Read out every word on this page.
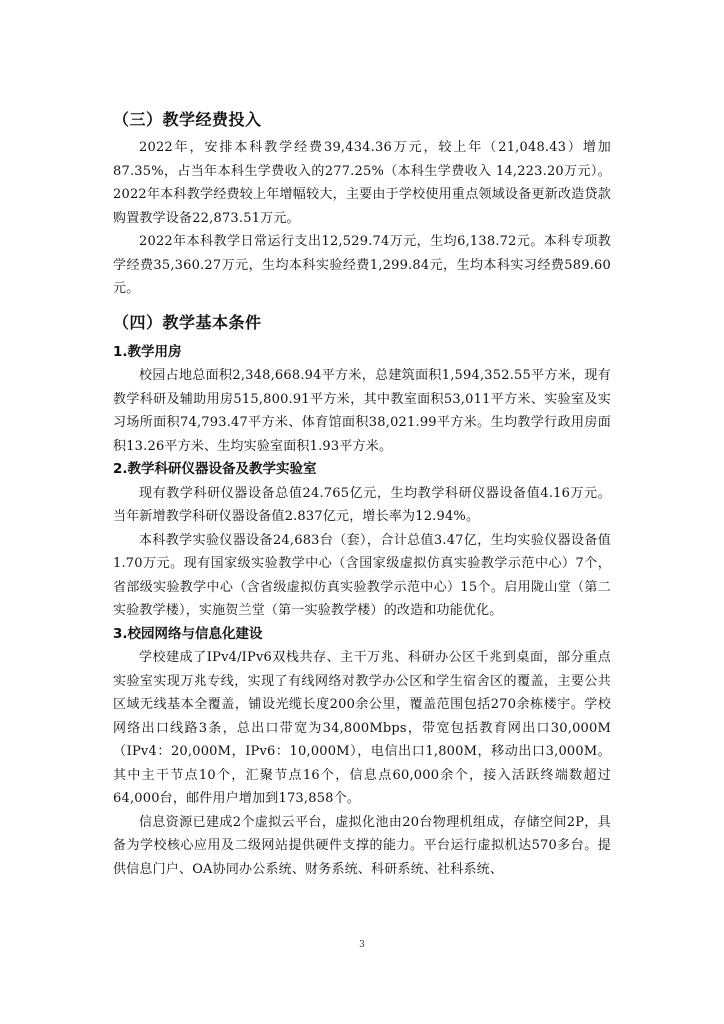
（三）教学经费投入

2022年，安排本科教学经费39,434.36万元，较上年（21,048.43）增加87.35%，占当年本科生学费收入的277.25%（本科生学费收入 14,223.20万元）。2022年本科教学经费较上年增幅较大，主要由于学校使用重点领域设备更新改造贷款购置教学设备22,873.51万元。

2022年本科教学日常运行支出12,529.74万元，生均6,138.72元。本科专项教学经费35,360.27万元，生均本科实验经费1,299.84元，生均本科实习经费589.60元。

（四）教学基本条件
1.教学用房

校园占地总面积2,348,668.94平方米，总建筑面积1,594,352.55平方米，现有教学科研及辅助用房515,800.91平方米，其中教室面积53,011平方米、实验室及实习场所面积74,793.47平方米、体育馆面积38,021.99平方米。生均教学行政用房面积13.26平方米、生均实验室面积1.93平方米。

2.教学科研仪器设备及教学实验室

现有教学科研仪器设备总值24.765亿元，生均教学科研仪器设备值4.16万元。当年新增教学科研仪器设备值2.837亿元，增长率为12.94%。

本科教学实验仪器设备24,683台（套），合计总值3.47亿，生均实验仪器设备值1.70万元。现有国家级实验教学中心（含国家级虚拟仿真实验教学示范中心）7个，省部级实验教学中心（含省级虚拟仿真实验教学示范中心）15个。启用陇山堂（第二实验教学楼），实施贺兰堂（第一实验教学楼）的改造和功能优化。

3.校园网络与信息化建设

学校建成了IPv4/IPv6双栈共存、主干万兆、科研办公区千兆到桌面，部分重点实验室实现万兆专线，实现了有线网络对教学办公区和学生宿舍区的覆盖，主要公共区域无线基本全覆盖，铺设光缆长度200余公里，覆盖范围包括270余栋楼宇。学校网络出口线路3条，总出口带宽为34,800Mbps，带宽包括教育网出口30,000M（IPv4：20,000M，IPv6：10,000M），电信出口1,800M，移动出口3,000M。其中主干节点10个，汇聚节点16个，信息点60,000余个，接入活跃终端数超过64,000台，邮件用户增加到173,858个。

信息资源已建成2个虚拟云平台，虚拟化池由20台物理机组成，存储空间2P，具备为学校核心应用及二级网站提供硬件支撑的能力。平台运行虚拟机达570多台。提供信息门户、OA协同办公系统、财务系统、科研系统、社科系统、

3
